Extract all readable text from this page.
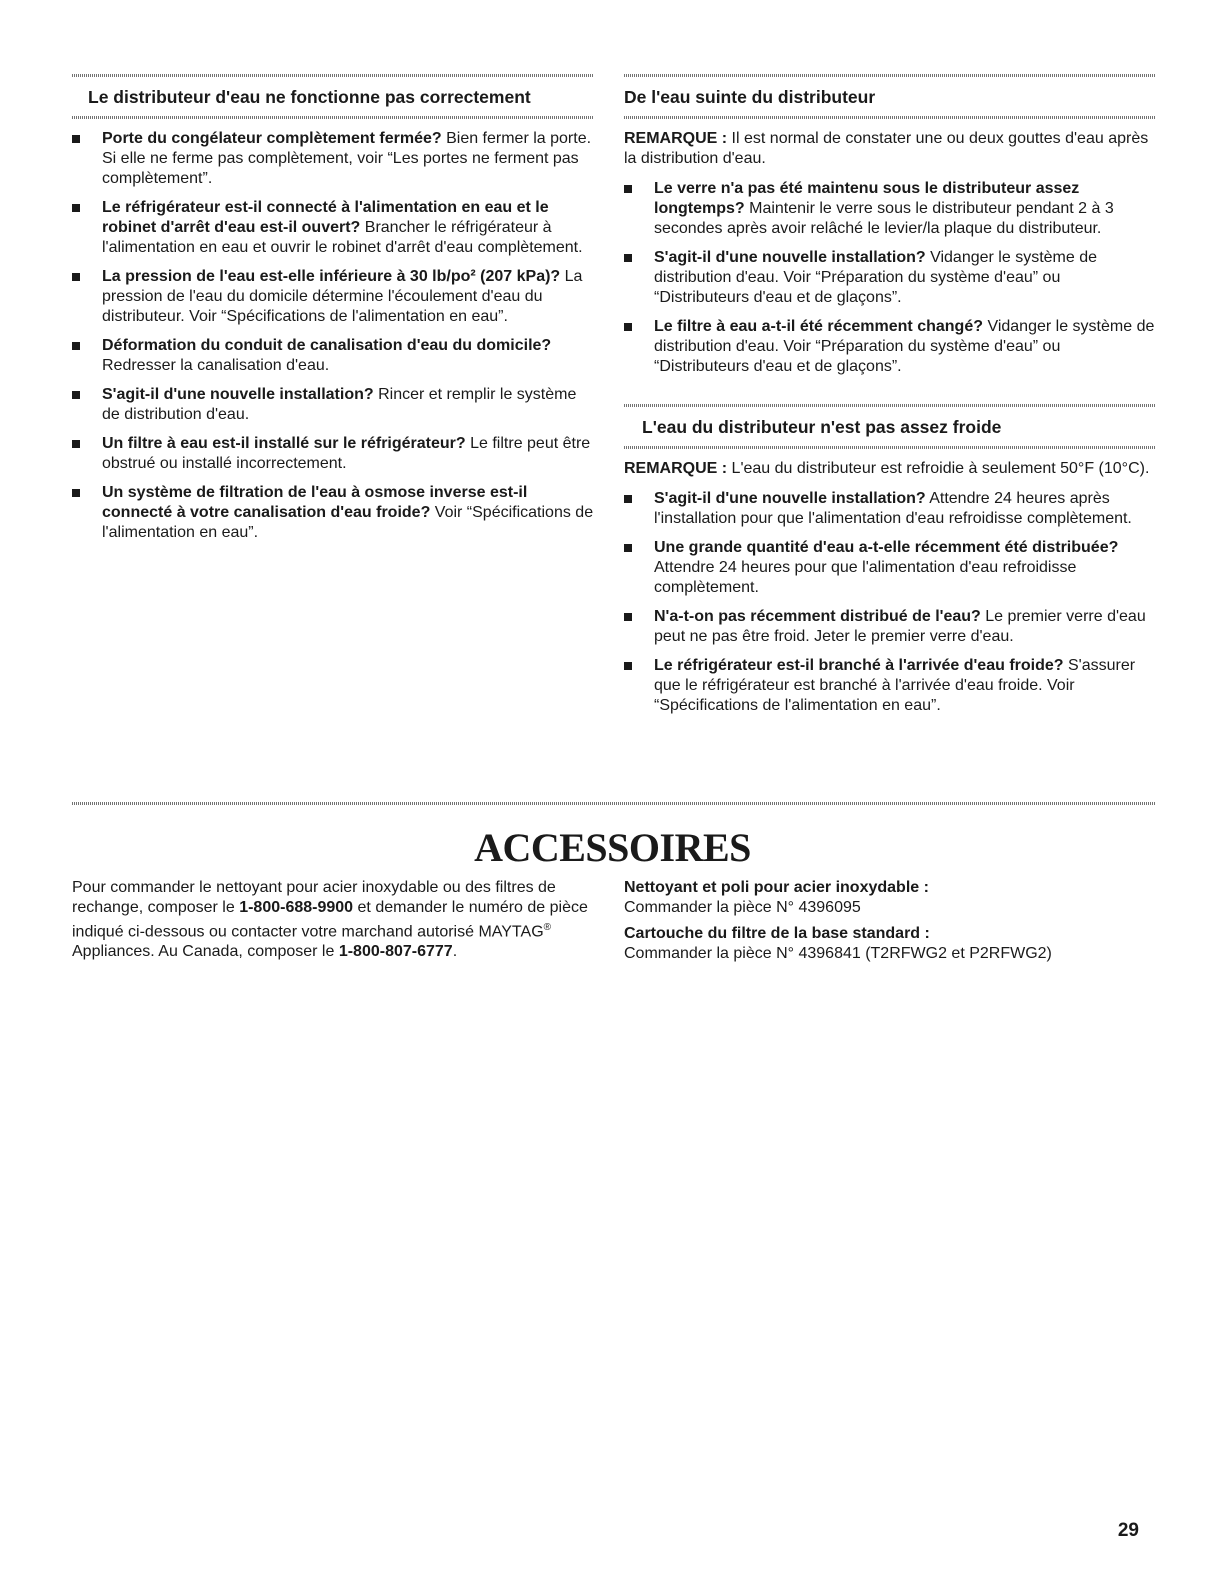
Le distributeur d'eau ne fonctionne pas correctement
Porte du congélateur complètement fermée? Bien fermer la porte. Si elle ne ferme pas complètement, voir “Les portes ne ferment pas complètement”.
Le réfrigérateur est-il connecté à l'alimentation en eau et le robinet d'arrêt d'eau est-il ouvert? Brancher le réfrigérateur à l'alimentation en eau et ouvrir le robinet d'arrêt d'eau complètement.
La pression de l'eau est-elle inférieure à 30 lb/po² (207 kPa)? La pression de l'eau du domicile détermine l'écoulement d'eau du distributeur. Voir “Spécifications de l'alimentation en eau”.
Déformation du conduit de canalisation d'eau du domicile? Redresser la canalisation d'eau.
S'agit-il d'une nouvelle installation? Rincer et remplir le système de distribution d'eau.
Un filtre à eau est-il installé sur le réfrigérateur? Le filtre peut être obstrué ou installé incorrectement.
Un système de filtration de l'eau à osmose inverse est-il connecté à votre canalisation d'eau froide? Voir “Spécifications de l'alimentation en eau”.
De l'eau suinte du distributeur

REMARQUE : Il est normal de constater une ou deux gouttes d'eau après la distribution d'eau.

Le verre n'a pas été maintenu sous le distributeur assez longtemps? Maintenir le verre sous le distributeur pendant 2 à 3 secondes après avoir relâché le levier/la plaque du distributeur.
S'agit-il d'une nouvelle installation? Vidanger le système de distribution d'eau. Voir “Préparation du système d'eau” ou “Distributeurs d'eau et de glaçons”.
Le filtre à eau a-t-il été récemment changé? Vidanger le système de distribution d'eau. Voir “Préparation du système d'eau” ou “Distributeurs d'eau et de glaçons”.
L'eau du distributeur n'est pas assez froide

REMARQUE : L'eau du distributeur est refroidie à seulement 50°F (10°C).

S'agit-il d'une nouvelle installation? Attendre 24 heures après l'installation pour que l'alimentation d'eau refroidisse complètement.
Une grande quantité d'eau a-t-elle récemment été distribuée? Attendre 24 heures pour que l'alimentation d'eau refroidisse complètement.
N'a-t-on pas récemment distribué de l'eau? Le premier verre d'eau peut ne pas être froid. Jeter le premier verre d'eau.
Le réfrigérateur est-il branché à l'arrivée d'eau froide? S'assurer que le réfrigérateur est branché à l'arrivée d'eau froide. Voir “Spécifications de l'alimentation en eau”.
ACCESSOIRES
Pour commander le nettoyant pour acier inoxydable ou des filtres de rechange, composer le 1-800-688-9900 et demander le numéro de pièce indiqué ci-dessous ou contacter votre marchand autorisé MAYTAG® Appliances. Au Canada, composer le 1-800-807-6777.
Nettoyant et poli pour acier inoxydable :
Commander la pièce N° 4396095
Cartouche du filtre de la base standard :
Commander la pièce N° 4396841 (T2RFWG2 et P2RFWG2)
29
